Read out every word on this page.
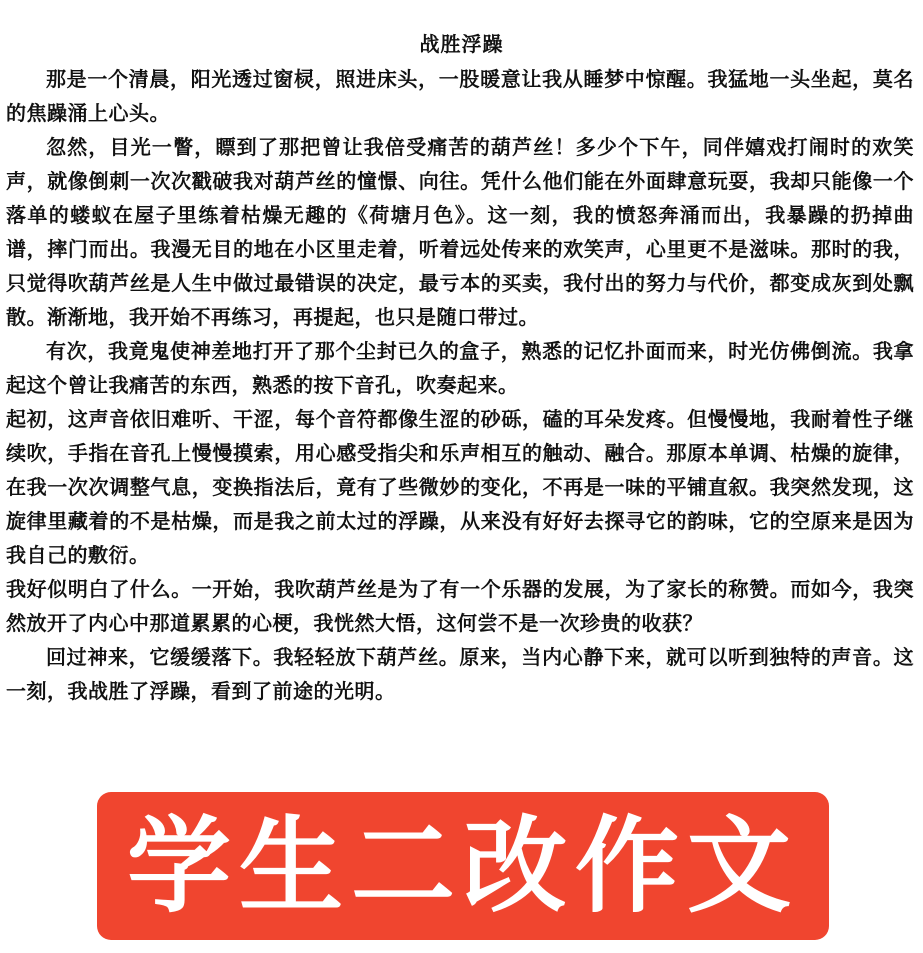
战胜浮躁

那是一个清晨，阳光透过窗棂，照进床头，一股暖意让我从睡梦中惊醒。我猛地一头坐起，莫名的焦躁涌上心头。

忽然，目光一瞥，瞟到了那把曾让我倍受痛苦的葫芦丝！多少个下午，同伴嬉戏打闹时的欢笑声，就像倒刺一次次戳破我对葫芦丝的憧憬、向往。凭什么他们能在外面肆意玩耍，我却只能像一个落单的蝼蚁在屋子里练着枯燥无趣的《荷塘月色》。这一刻，我的愤怒奔涌而出，我暴躁的扔掉曲谱，摔门而出。我漫无目的地在小区里走着，听着远处传来的欢笑声，心里更不是滋味。那时的我，只觉得吹葫芦丝是人生中做过最错误的决定，最亏本的买卖，我付出的努力与代价，都变成灰到处飘散。渐渐地，我开始不再练习，再提起，也只是随口带过。

有次，我竟鬼使神差地打开了那个尘封已久的盒子，熟悉的记忆扑面而来，时光仿佛倒流。我拿起这个曾让我痛苦的东西，熟悉的按下音孔，吹奏起来。

起初，这声音依旧难听、干涩，每个音符都像生涩的砂砾，磕的耳朵发疼。但慢慢地，我耐着性子继续吹，手指在音孔上慢慢摸索，用心感受指尖和乐声相互的触动、融合。那原本单调、枯燥的旋律，在我一次次调整气息，变换指法后，竟有了些微妙的变化，不再是一味的平铺直叙。我突然发现，这旋律里藏着的不是枯燥，而是我之前太过的浮躁，从来没有好好去探寻它的韵味，它的空原来是因为我自己的敷衍。

我好似明白了什么。一开始，我吹葫芦丝是为了有一个乐器的发展，为了家长的称赞。而如今，我突然放开了内心中那道累累的心梗，我恍然大悟，这何尝不是一次珍贵的收获？

回过神来，它缓缓落下。我轻轻放下葫芦丝。原来，当内心静下来，就可以听到独特的声音。这一刻，我战胜了浮躁，看到了前途的光明。

学生二改作文
